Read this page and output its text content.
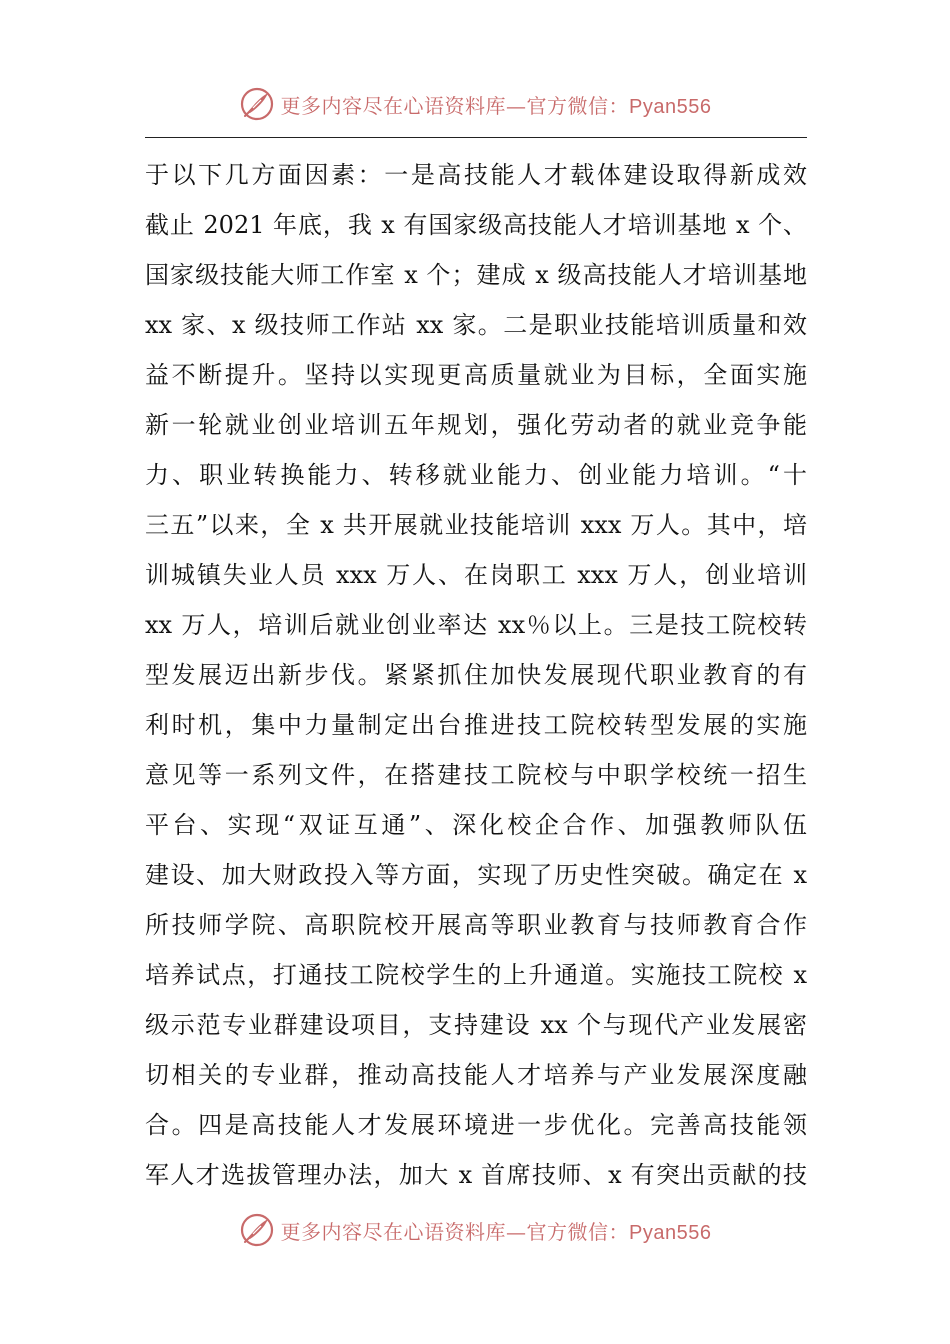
更多内容尽在心语资料库—官方微信：Pyan556
于以下几方面因素：一是高技能人才载体建设取得新成效
截止 2021 年底，我 x 有国家级高技能人才培训基地 x 个、
国家级技能大师工作室 x 个；建成 x 级高技能人才培训基地
xx 家、x 级技师工作站 xx 家。二是职业技能培训质量和效
益不断提升。坚持以实现更高质量就业为目标，全面实施
新一轮就业创业培训五年规划，强化劳动者的就业竞争能
力、职业转换能力、转移就业能力、创业能力培训。“十
三五”以来，全 x 共开展就业技能培训 xxx 万人。其中，培
训城镇失业人员 xxx 万人、在岗职工 xxx 万人，创业培训
xx 万人，培训后就业创业率达 xx％以上。三是技工院校转
型发展迈出新步伐。紧紧抓住加快发展现代职业教育的有
利时机，集中力量制定出台推进技工院校转型发展的实施
意见等一系列文件，在搭建技工院校与中职学校统一招生
平台、实现“双证互通”、深化校企合作、加强教师队伍
建设、加大财政投入等方面，实现了历史性突破。确定在 x
所技师学院、高职院校开展高等职业教育与技师教育合作
培养试点，打通技工院校学生的上升通道。实施技工院校 x
级示范专业群建设项目，支持建设 xx 个与现代产业发展密
切相关的专业群，推动高技能人才培养与产业发展深度融
合。四是高技能人才发展环境进一步优化。完善高技能领
军人才选拔管理办法，加大 x 首席技师、x 有突出贡献的技
更多内容尽在心语资料库—官方微信：Pyan556
